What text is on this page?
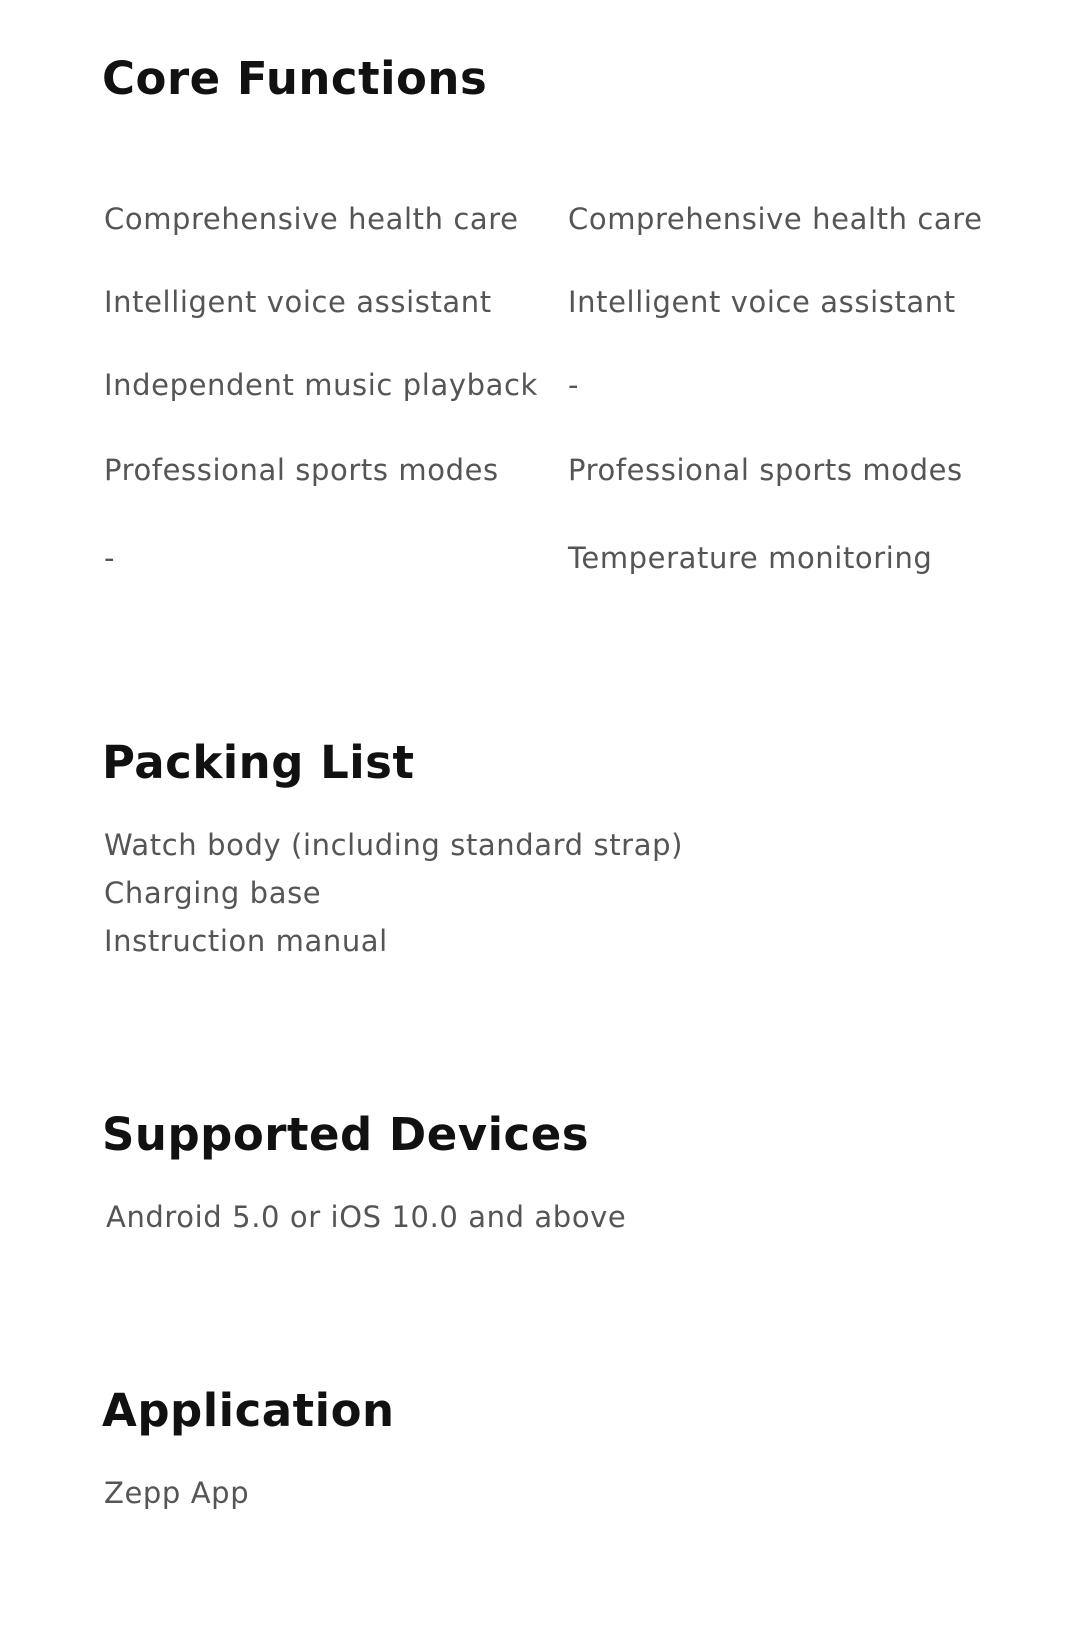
Core Functions
Comprehensive health care Comprehensive health care
Intelligent voice assistant	Intelligent voice assistant
Independent music playback -
Professional sports modes Professional sports modes
-	Temperature monitoring
Packing List
Watch body (including standard strap)
Charging base
Instruction manual
Supported Devices
Android 5.0 or iOS 10.0 and above
Application
Zepp App
